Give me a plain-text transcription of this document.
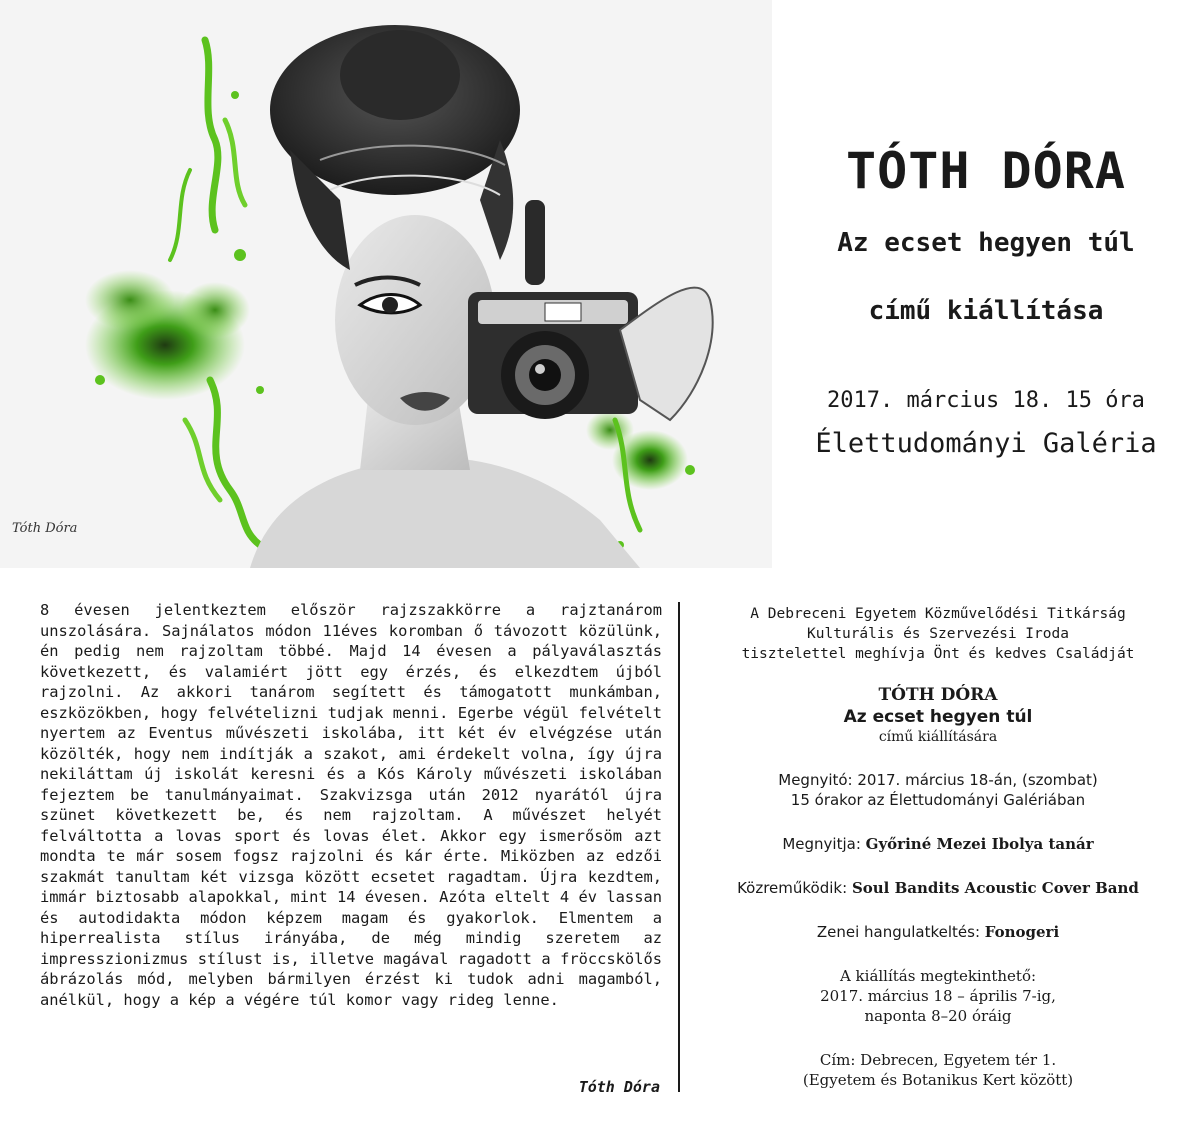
Tóth Dóra
TÓTH DÓRA
Az ecset hegyen túl
című kiállítása
2017. március 18. 15 óra
Élettudományi Galéria
8 évesen jelentkeztem először rajzszakkörre a rajztanárom unszolására. Sajnálatos módon 11éves koromban ő távozott közülünk, én pedig nem rajzoltam többé. Majd 14 évesen a pályaválasztás következett, és valamiért jött egy érzés, és elkezdtem újból rajzolni. Az akkori tanárom segített és támogatott munkámban, eszközökben, hogy felvételizni tudjak menni. Egerbe végül felvételt nyertem az Eventus művészeti iskolába, itt két év elvégzése után közölték, hogy nem indítják a szakot, ami érdekelt volna, így újra nekiláttam új iskolát keresni és a Kós Károly művészeti iskolában fejeztem be tanulmányaimat. Szakvizsga után 2012 nyarától újra szünet következett be, és nem rajzoltam. A művészet helyét felváltotta a lovas sport és lovas élet. Akkor egy ismerősöm azt mondta te már sosem fogsz rajzolni és kár érte. Miközben az edzői szakmát tanultam két vizsga között ecsetet ragadtam. Újra kezdtem, immár biztosabb alapokkal, mint 14 évesen. Azóta eltelt 4 év lassan és autodidakta módon képzem magam és gyakorlok. Elmentem a hiperrealista stílus irányába, de még mindig szeretem az impresszionizmus stílust is, illetve magával ragadott a fröccskölős ábrázolás mód, melyben bármilyen érzést ki tudok adni magamból, anélkül, hogy a kép a végére túl komor vagy rideg lenne.
Tóth Dóra
A Debreceni Egyetem Közművelődési Titkárság
Kulturális és Szervezési Iroda
tisztelettel meghívja Önt és kedves Családját
TÓTH DÓRA
Az ecset hegyen túl
című kiállítására
Megnyitó: 2017. március 18-án, (szombat)
15 órakor az Élettudományi Galériában
Megnyitja: Győriné Mezei Ibolya tanár
Közreműködik: Soul Bandits Acoustic Cover Band
Zenei hangulatkeltés: Fonogeri
A kiállítás megtekinthető:
2017. március 18 – április 7-ig,
naponta 8–20 óráig
Cím: Debrecen, Egyetem tér 1.
(Egyetem és Botanikus Kert között)
